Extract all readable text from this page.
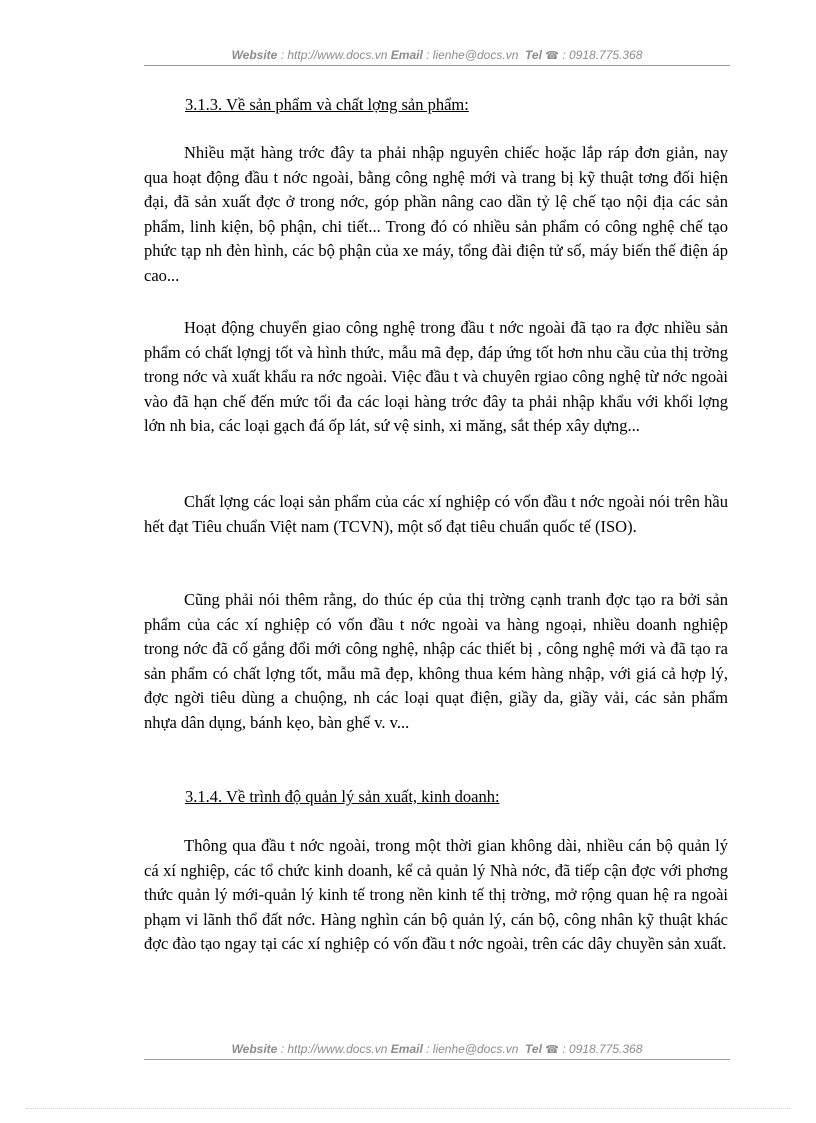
Website : http://www.docs.vn Email : lienhe@docs.vn Tel ☎ : 0918.775.368
3.1.3. Về sản phẩm và chất lợng sản phẩm:

Nhiều mặt hàng trớc đây ta phải nhập nguyên chiếc hoặc lắp ráp đơn giản, nay qua hoạt động đầu t nớc ngoài, bằng công nghệ mới và trang bị kỹ thuật tơng đối hiện đại, đã sản xuất đợc ở trong nớc, góp phần nâng cao dần tỷ lệ chế tạo nội địa các sản phẩm, linh kiện, bộ phận, chi tiết... Trong đó có nhiều sản phẩm có công nghệ chế tạo phức tạp nh đèn hình, các bộ phận của xe máy, tổng đài điện tử số, máy biến thế điện áp cao...

Hoạt động chuyển giao công nghệ trong đầu t nớc ngoài đã tạo ra đợc nhiều sản phẩm có chất lợngj tốt và hình thức, mẫu mã đẹp, đáp ứng tốt hơn nhu cầu của thị trờng trong nớc và xuất khẩu ra nớc ngoài. Việc đầu t và chuyên rgiao công nghệ từ nớc ngoài vào đã hạn chế đến mức tối đa các loại hàng trớc đây ta phải nhập khẩu với khối lợng lớn nh bia, các loại gạch đá ốp lát, sứ vệ sinh, xi măng, sắt thép xây dựng...

Chất lợng các loại sản phẩm của các xí nghiệp có vốn đầu t nớc ngoài nói trên hầu hết đạt Tiêu chuẩn Việt nam (TCVN), một số đạt tiêu chuẩn quốc tế (ISO).

Cũng phải nói thêm rằng, do thúc ép của thị trờng cạnh tranh đợc tạo ra bởi sản phẩm của các xí nghiệp có vốn đầu t nớc ngoài va hàng ngoại, nhiều doanh nghiệp trong nớc đã cố gắng đổi mới công nghệ, nhập các thiết bị , công nghệ mới và đã tạo ra sản phẩm có chất lợng tốt, mẫu mã đẹp, không thua kém hàng nhập, với giá cả hợp lý, đợc ngời tiêu dùng a chuộng, nh các loại quạt điện, giầy da, giầy vải, các sản phẩm nhựa dân dụng, bánh kẹo, bàn ghế v. v...

3.1.4. Về trình độ quản lý sản xuất, kinh doanh:

Thông qua đầu t nớc ngoài, trong một thời gian không dài, nhiều cán bộ quản lý cá xí nghiệp, các tổ chức kinh doanh, kể cả quản lý Nhà nớc, đã tiếp cận đợc với phơng thức quản lý mới-quản lý kinh tế trong nền kinh tế thị trờng, mở rộng quan hệ ra ngoài phạm vi lãnh thổ đất nớc. Hàng nghìn cán bộ quản lý, cán bộ, công nhân kỹ thuật khác đợc đào tạo ngay tại các xí nghiệp có vốn đầu t nớc ngoài, trên các dây chuyền sản xuất.

Website : http://www.docs.vn Email : lienhe@docs.vn Tel ☎ : 0918.775.368
